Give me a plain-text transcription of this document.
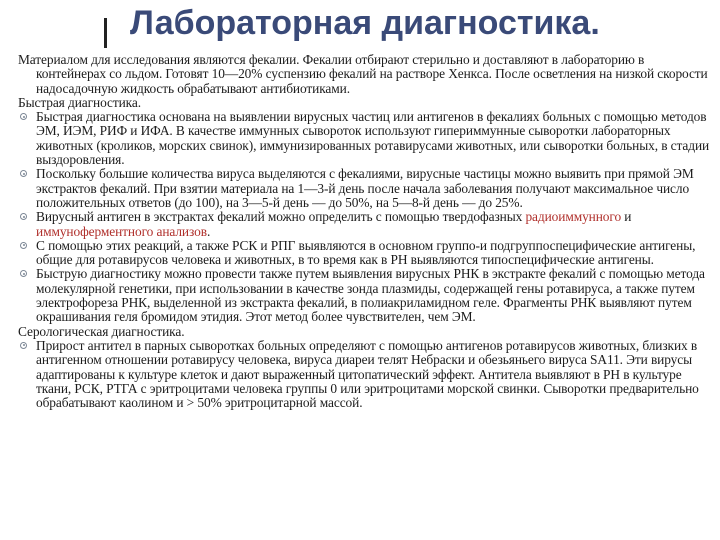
Лабораторная диагностика.

Материалом для исследования являются фекалии. Фекалии отбирают стерильно и доставляют в лабораторию в контейнерах со льдом. Готовят 10—20% суспензию фекалий на растворе Хенкса. После осветления на низкой скорости надосадочную жидкость обрабатывают антибиотиками.

Быстрая диагностика.

Быстрая диагностика основана на выявлении вирусных частиц или антигенов в фекалиях больных с помощью методов ЭМ, ИЭМ, РИФ и ИФА. В качестве иммунных сывороток используют гипериммунные сыворотки лабораторных животных (кроликов, морских свинок), иммунизированных ротавирусами животных, или сыворотки больных, в стадии выздоровления.
Поскольку большие количества вируса выделяются с фекалиями, вирусные частицы можно выявить при прямой ЭМ экстрактов фекалий. При взятии материала на 1—3-й день после начала заболевания получают максимальное число положительных ответов (до 100), на 3—5-й день — до 50%, на 5—8-й день — до 25%.
Вирусный антиген в экстрактах фекалий можно определить с помощью твердофазных радиоиммунного и иммуноферментного анализов.
С помощью этих реакций, а также РСК и РПГ выявляются в основном группо-и подгруппоспецифические антигены, общие для ротавирусов человека и животных, в то время как в РН выявляются типоспецифические антигены.
Быструю диагностику можно провести также путем выявления вирусных РНК в экстракте фекалий с помощью метода молекулярной генетики, при использовании в качестве зонда плазмиды, содержащей гены ротавируса, а также путем электрофореза РНК, выделенной из экстракта фекалий, в полиакриламидном геле. Фрагменты РНК выявляют путем окрашивания геля бромидом этидия. Этот метод более чувствителен, чем ЭМ.

Серологическая диагностика.

Прирост антител в парных сыворотках больных определяют с помощью антигенов ротавирусов животных, близких в антигенном отношении ротавирусу человека, вируса диареи телят Небраски и обезьяньего вируса SA11. Эти вирусы адаптированы к культуре клеток и дают выраженный цитопатический эффект. Антитела выявляют в РН в культуре ткани, РСК, РТГА с эритроцитами человека группы 0 или эритроцитами морской свинки. Сыворотки предварительно обрабатывают каолином и > 50% эритроцитарной массой.
